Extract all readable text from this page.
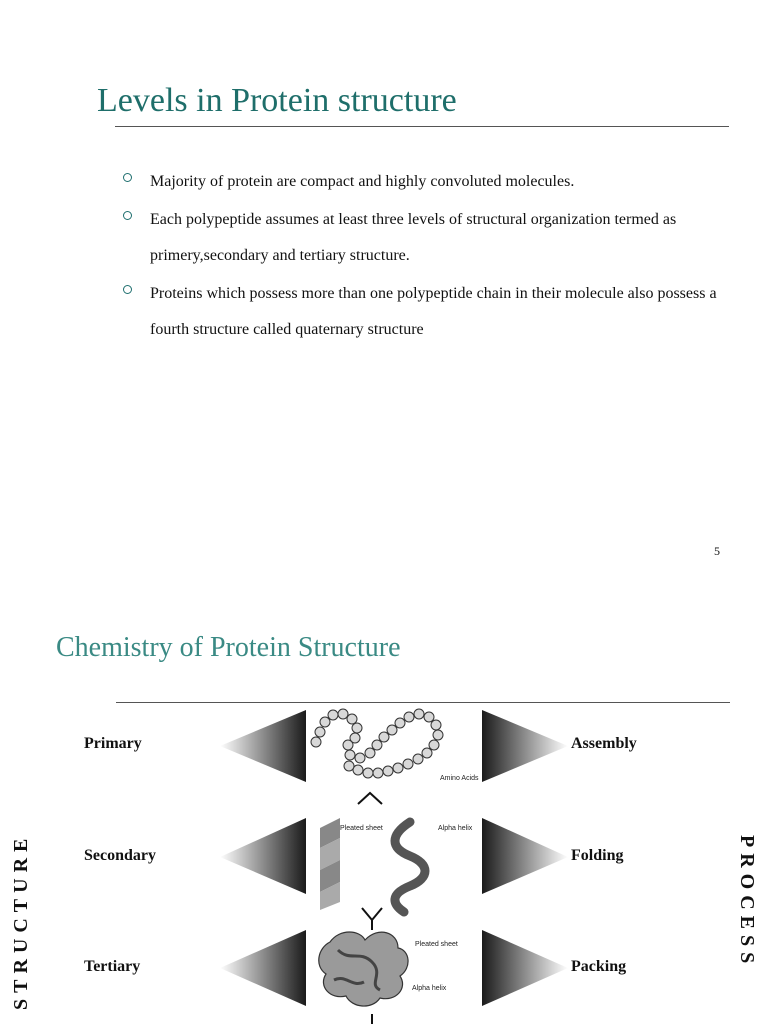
Levels in Protein structure
Majority of protein are compact and highly convoluted molecules.
Each polypeptide assumes at least three levels of structural organization termed as primery,secondary and tertiary structure.
Proteins which possess more than one polypeptide chain in their molecule also possess a fourth structure called quaternary structure
5
Chemistry of Protein Structure
Amino Acids
Pleated sheet	Alpha helix
Pleated sheet
Alpha helix
Primary
Secondary
Tertiary
Assembly
Folding
Packing
STRUCTURE	PROCESS
